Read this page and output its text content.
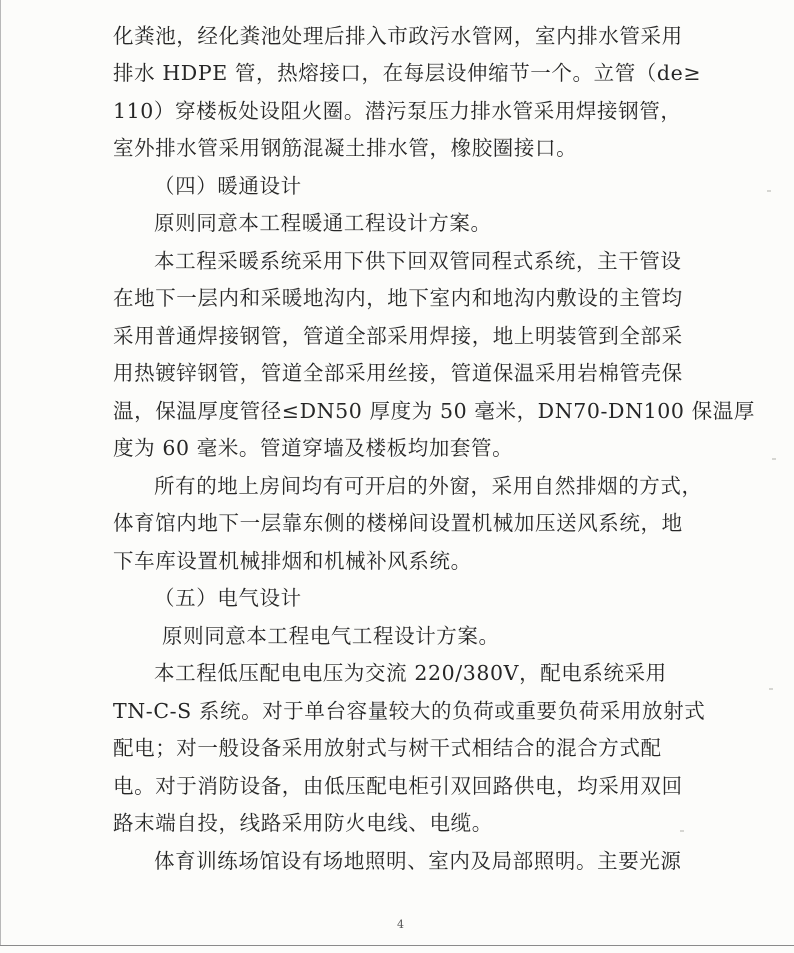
化粪池，经化粪池处理后排入市政污水管网，室内排水管采用
排水 HDPE 管，热熔接口，在每层设伸缩节一个。立管（de≥
110）穿楼板处设阻火圈。潜污泵压力排水管采用焊接钢管，
室外排水管采用钢筋混凝土排水管，橡胶圈接口。
（四）暖通设计
原则同意本工程暖通工程设计方案。
本工程采暖系统采用下供下回双管同程式系统，主干管设
在地下一层内和采暖地沟内，地下室内和地沟内敷设的主管均
采用普通焊接钢管，管道全部采用焊接，地上明装管到全部采
用热镀锌钢管，管道全部采用丝接，管道保温采用岩棉管壳保
温，保温厚度管径≤DN50 厚度为 50 毫米，DN70-DN100 保温厚
度为 60 毫米。管道穿墙及楼板均加套管。
所有的地上房间均有可开启的外窗，采用自然排烟的方式，
体育馆内地下一层靠东侧的楼梯间设置机械加压送风系统，地
下车库设置机械排烟和机械补风系统。
（五）电气设计
原则同意本工程电气工程设计方案。
本工程低压配电电压为交流 220/380V，配电系统采用
TN-C-S 系统。对于单台容量较大的负荷或重要负荷采用放射式
配电；对一般设备采用放射式与树干式相结合的混合方式配
电。对于消防设备，由低压配电柜引双回路供电，均采用双回
路末端自投，线路采用防火电线、电缆。
体育训练场馆设有场地照明、室内及局部照明。主要光源
4
